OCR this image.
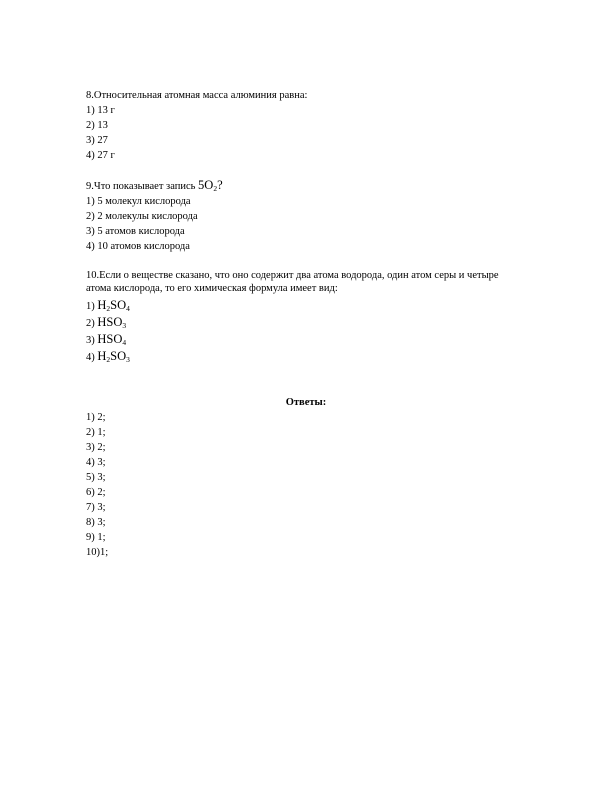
8.Относительная атомная масса алюминия равна:
1) 13 г
2) 13
3) 27
4) 27 г
9.Что показывает запись $5O_2$?
1) 5 молекул кислорода
2) 2 молекулы кислорода
3) 5 атомов кислорода
4) 10 атомов кислорода
10.Если о веществе сказано, что оно содержит два атома водорода, один атом серы и четыре
атома кислорода, то его химическая формула имеет вид:
1) $H_2SO_4$
2) $HSO_3$
3) $HSO_4$
4) $H_2SO_3$
Ответы:
1) 2;
2) 1;
3) 2;
4) 3;
5) 3;
6) 2;
7) 3;
8) 3;
9) 1;
10)1;
